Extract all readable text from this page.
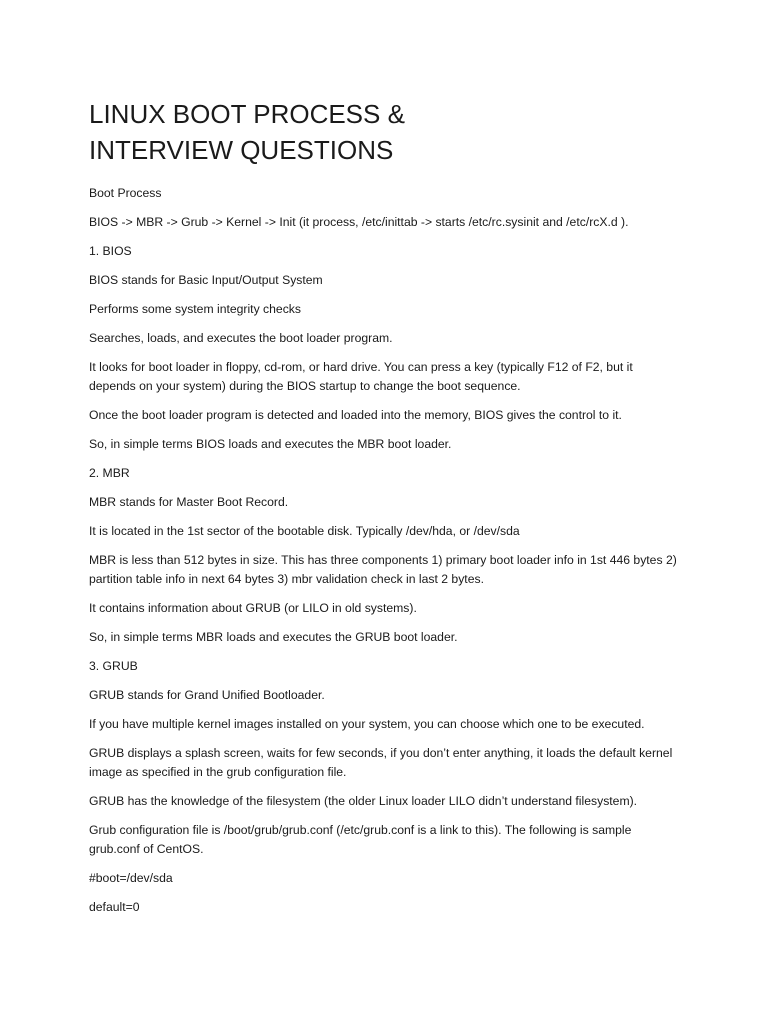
LINUX BOOT PROCESS &
INTERVIEW QUESTIONS

Boot Process

BIOS -> MBR -> Grub -> Kernel -> Init (it process, /etc/inittab -> starts /etc/rc.sysinit and /etc/rcX.d ).

1. BIOS

BIOS stands for Basic Input/Output System

Performs some system integrity checks

Searches, loads, and executes the boot loader program.

It looks for boot loader in floppy, cd-rom, or hard drive. You can press a key (typically F12 of F2, but it depends on your system) during the BIOS startup to change the boot sequence.

Once the boot loader program is detected and loaded into the memory, BIOS gives the control to it.

So, in simple terms BIOS loads and executes the MBR boot loader.

2. MBR

MBR stands for Master Boot Record.

It is located in the 1st sector of the bootable disk. Typically /dev/hda, or /dev/sda

MBR is less than 512 bytes in size. This has three components 1) primary boot loader info in 1st 446 bytes 2) partition table info in next 64 bytes 3) mbr validation check in last 2 bytes.

It contains information about GRUB (or LILO in old systems).

So, in simple terms MBR loads and executes the GRUB boot loader.

3. GRUB

GRUB stands for Grand Unified Bootloader.

If you have multiple kernel images installed on your system, you can choose which one to be executed.

GRUB displays a splash screen, waits for few seconds, if you don’t enter anything, it loads the default kernel image as specified in the grub configuration file.

GRUB has the knowledge of the filesystem (the older Linux loader LILO didn’t understand filesystem).

Grub configuration file is /boot/grub/grub.conf (/etc/grub.conf is a link to this). The following is sample grub.conf of CentOS.

#boot=/dev/sda

default=0
